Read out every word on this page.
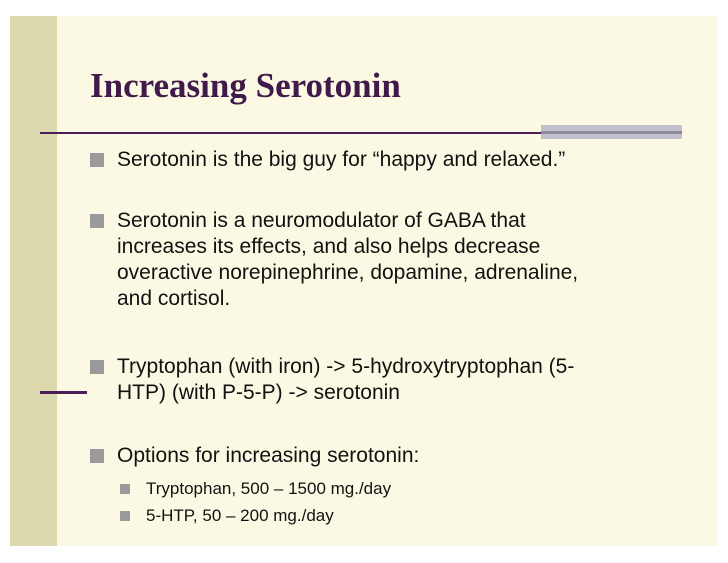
Increasing Serotonin
Serotonin is the big guy for “happy and relaxed.”
Serotonin is a neuromodulator of GABA that
increases its effects, and also helps decrease
overactive norepinephrine, dopamine, adrenaline,
and cortisol.
Tryptophan (with iron) -> 5-hydroxytryptophan (5-
HTP) (with P-5-P) -> serotonin
Options for increasing serotonin:
Tryptophan, 500 – 1500 mg./day
5-HTP, 50 – 200 mg./day
